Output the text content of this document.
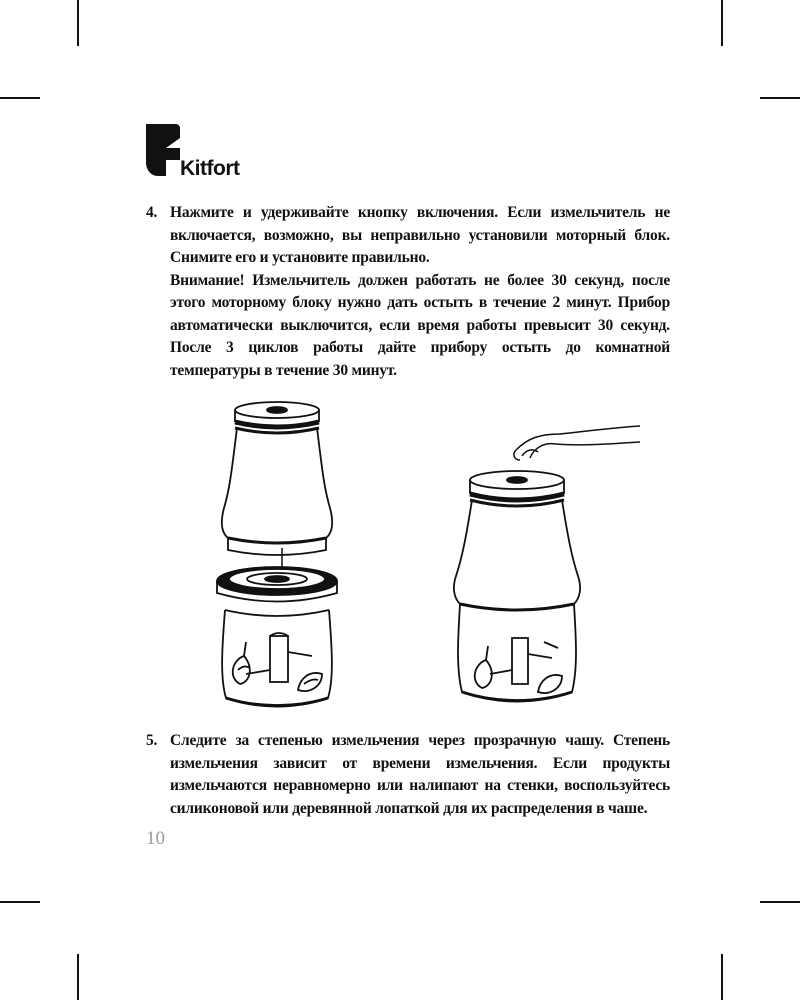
Kitfort
4. Нажмите и удерживайте кнопку включения. Если измельчитель не включается, возможно, вы неправильно установили моторный блок. Снимите его и установите правильно.

Внимание! Измельчитель должен работать не более 30 секунд, после этого моторному блоку нужно дать остыть в течение 2 минут. Прибор автоматически выключится, если время работы превысит 30 секунд. После 3 циклов работы дайте прибору остыть до комнатной температуры в течение 30 минут.

5. Следите за степенью измельчения через прозрачную чашу. Степень измельчения зависит от времени измельчения. Если продукты измельчаются неравномерно или налипают на стенки, воспользуйтесь силиконовой или деревянной лопаткой для их распределения в чаше.

10
